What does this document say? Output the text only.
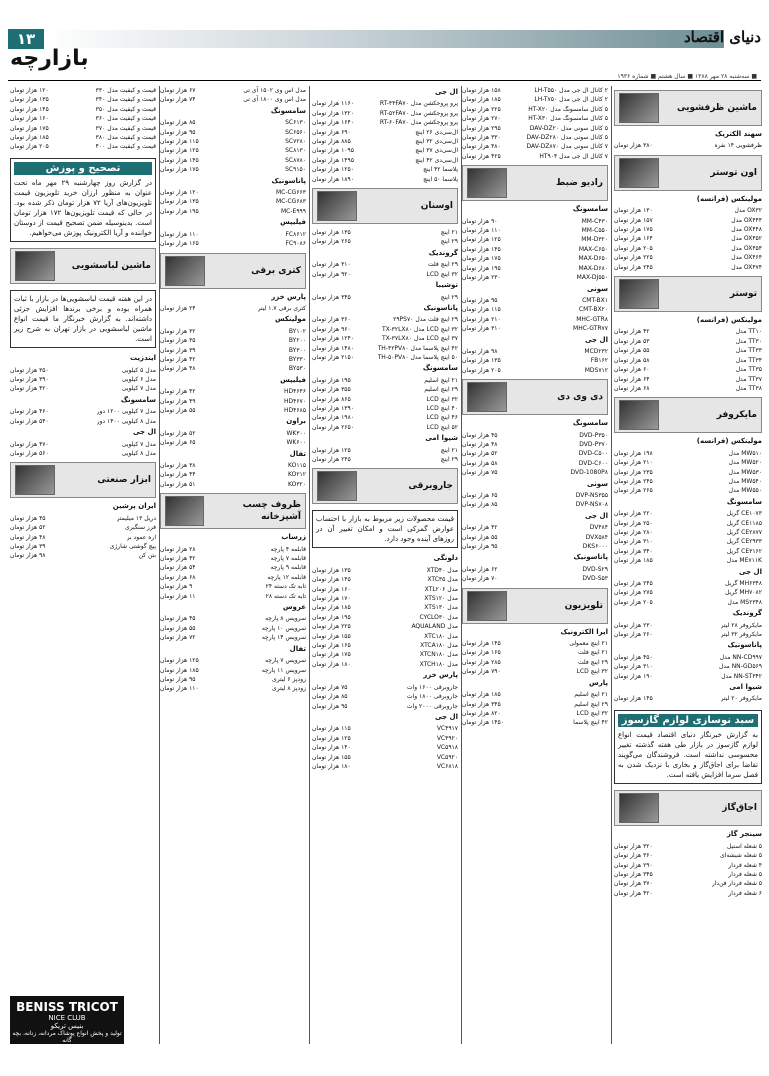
۱۳	دنیای اقتصاد
بازارچه
■ سه‌شنبه ۲۸ مهر ۱۳۸۸ ■ سال هشتم ■ شماره ۱۹۳۶
ماشین ظرفشویی
سهند الکتریک
ظرفشویی ۱۴ نفره
۳۸۰ هزار تومان
اون توستر
مولینکس (فرانسه)
OX۳۲ مدل
۱۳۰ هزار تومان
OX۴۴۴ مدل
۱۵۷ هزار تومان
OX۴۴۸ مدل
۱۷۵ هزار تومان
OX۴۵۲ مدل
۱۶۴ هزار تومان
OX۴۵۴ مدل
۲۰۵ هزار تومان
OX۴۶۴ مدل
۲۲۵ هزار تومان
OX۴۷۴ مدل
۲۴۵ هزار تومان
توستر
مولینکس (فرانسه)
TT۱۰ مدل
۴۲ هزار تومان
TT۳۰ مدل
۵۳ هزار تومان
TT۳۳ مدل
۵۵ هزار تومان
TT۳۴ مدل
۵۸ هزار تومان
TT۳۵ مدل
۶۰ هزار تومان
TT۳۷ مدل
۶۴ هزار تومان
TT۳۸ مدل
۶۸ هزار تومان
مایکروفر
مولینکس (فرانسه)
MW۵۱۰ مدل
۱۹۸ هزار تومان
MW۵۲۰ مدل
۲۱۰ هزار تومان
MW۵۳۰ مدل
۲۳۵ هزار تومان
MW۵۴۰ مدل
۲۴۵ هزار تومان
MW۵۵۰ مدل
۲۶۵ هزار تومان
سامسونگ
CE۱۰۷۳ گریل
۲۲۰ هزار تومان
CE۱۱۸۵ گریل
۲۵۰ هزار تومان
CE۲۸۷۷ گریل
۲۸۰ هزار تومان
CE۲۹۳۳ گریل
۳۱۰ هزار تومان
CE۳۱۶۲ گریل
۳۴۰ هزار تومان
ME۷۱۱K مدل
۱۸۵ هزار تومان
ال جی
MH۶۳۴۸ گریل
۲۴۵ هزار تومان
MH۷۰۸۲ گریل
۲۷۵ هزار تومان
MS۲۳۴۸ مدل
۲۰۵ هزار تومان
گروندیک
مایکروفر ۲۸ لیتر
۲۳۰ هزار تومان
مایکروفر ۳۲ لیتر
۲۶۰ هزار تومان
پاناسونیک
NN-CD۹۹۷ مدل
۴۵۰ هزار تومان
NN-GD۵۶۹ مدل
۳۱۰ هزار تومان
NN-ST۳۴۲ مدل
۱۹۰ هزار تومان
شیوا امی
مایکروفر ۲۰ لیتر
۱۴۵ هزار تومان
سبد نوسازی لوازم گازسوز

به گزارش خبرنگار دنیای اقتصاد قیمت انواع لوازم گازسوز در بازار طی هفته گذشته تغییر محسوسی نداشته است. فروشندگان می‌گویند تقاضا برای اجاق‌گاز و بخاری با نزدیک شدن به فصل سرما افزایش یافته است.

اجاق‌گاز
سینجر گاز
۵ شعله استیل
۳۲۰ هزار تومان
۵ شعله شیشه‌ای
۳۶۰ هزار تومان
۴ شعله فردار
۲۹۰ هزار تومان
۵ شعله فردار
۳۴۵ هزار تومان
۵ شعله فردار فن‌دار
۳۷۰ هزار تومان
۶ شعله فردار
۴۲۰ هزار تومان
۲ کانال ال جی مدل LH-T۵۵۰
۱۵۸ هزار تومان
۲ کانال ال جی مدل LH-T۷۵۰
۱۸۵ هزار تومان
۵ کانال سامسونگ مدل HT-X۲۰
۲۲۵ هزار تومان
۵ کانال سامسونگ مدل HT-X۳۰
۲۷۰ هزار تومان
۵ کانال سونی مدل DAV-DZ۲۰
۲۹۵ هزار تومان
۵ کانال سونی مدل DAV-DZ۲۸۰
۳۳۰ هزار تومان
۷ کانال سونی مدل DAV-DZ۸۷۰
۴۸۰ هزار تومان
۷ کانال ال جی مدل HT۹۰۴
۴۲۵ هزار تومان
رادیو ضبط
سامسونگ
MM-C۴۳۰
۹۰ هزار تومان
MM-C۵۵۰
۱۱۰ هزار تومان
MM-D۳۲۰
۱۲۵ هزار تومان
MAX-C۶۵۰
۱۴۵ هزار تومان
MAX-D۶۵۰
۱۷۵ هزار تومان
MAX-D۶۸۰
۱۹۵ هزار تومان
MAX-DJ۵۵۰
۲۳۰ هزار تومان
سونی
CMT-BX۱
۹۵ هزار تومان
CMT-BX۲۰
۱۱۵ هزار تومان
MHC-GTR۸
۲۱۰ هزار تومان
MHC-GTR۷۷
۳۱۰ هزار تومان
ال جی
MCD۲۳۲
۹۸ هزار تومان
FB۱۶۲
۱۳۵ هزار تومان
MDS۷۱۲
۲۰۵ هزار تومان
دی وی دی
سامسونگ
DVD-P۳۵۰
۴۵ هزار تومان
DVD-P۳۷۰
۴۸ هزار تومان
DVD-C۵۰۰
۵۲ هزار تومان
DVD-C۶۰۰
۵۸ هزار تومان
DVD-1080P۸
۷۵ هزار تومان
سونی
DVP-NS۳۵۵
۶۵ هزار تومان
DVP-NS۷۰۸
۸۵ هزار تومان
ال جی
DV۴۸۴
۴۲ هزار تومان
DVX۵۸۴
۵۵ هزار تومان
DKS۶۰۰۰
۹۵ هزار تومان
پاناسونیک
DVD-S۲۹
۶۲ هزار تومان
DVD-S۵۳
۷۰ هزار تومان
تلویزیون
ایرا الکترونیک
۲۱ اینچ معمولی
۱۴۵ هزار تومان
۲۱ اینچ فلت
۱۶۵ هزار تومان
۲۹ اینچ فلت
۲۸۵ هزار تومان
۳۲ اینچ LCD
۷۹۰ هزار تومان
پارس
۲۱ اینچ اسلیم
۱۸۵ هزار تومان
۲۹ اینچ اسلیم
۳۴۵ هزار تومان
۳۲ اینچ LCD
۸۲۰ هزار تومان
۴۲ اینچ پلاسما
۱۴۵۰ هزار تومان
ال جی
پرو پروجکشن مدل RT-۴۴FA۷۰
۱۱۶۰ هزار تومان
پرو پروجکشن مدل RT-۵۲FA۷۰
۱۳۲۰ هزار تومان
پرو پروجکشن مدل RT-۶۰FA۷۰
۱۶۴۰ هزار تومان
ال‌سی‌دی ۲۶ اینچ
۶۹۰ هزار تومان
ال‌سی‌دی ۳۲ اینچ
۸۸۵ هزار تومان
ال‌سی‌دی ۳۷ اینچ
۱۰۹۵ هزار تومان
ال‌سی‌دی ۴۲ اینچ
۱۴۹۵ هزار تومان
پلاسما ۴۲ اینچ
۱۲۵۰ هزار تومان
پلاسما ۵۰ اینچ
۱۸۹۰ هزار تومان
اوسنان
۲۱ اینچ
۱۳۵ هزار تومان
۲۹ اینچ
۲۶۵ هزار تومان
گروندیک
۲۹ اینچ فلت
۳۱۰ هزار تومان
۳۲ اینچ LCD
۹۲۰ هزار تومان
توشیبا
۲۹ اینچ
۳۴۵ هزار تومان
پاناسونیک
۲۹ اینچ فلت مدل ۲۹PS۷۰
۳۶۰ هزار تومان
۳۲ اینچ LCD مدل TX-۳۲LX۸۰
۹۶۰ هزار تومان
۳۷ اینچ LCD مدل TX-۳۷LX۸۰
۱۲۴۰ هزار تومان
۴۲ اینچ پلاسما مدل TH-۴۲PV۸۰
۱۴۸۰ هزار تومان
۵۰ اینچ پلاسما مدل TH-۵۰PV۸۰
۲۱۵۰ هزار تومان
سامسونگ
۲۱ اینچ اسلیم
۱۹۵ هزار تومان
۲۹ اینچ اسلیم
۳۵۵ هزار تومان
۳۲ اینچ LCD
۸۶۵ هزار تومان
۴۰ اینچ LCD
۱۳۹۰ هزار تومان
۴۶ اینچ LCD
۱۹۸۰ هزار تومان
۵۲ اینچ LCD
۲۶۵۰ هزار تومان
شیوا امی
۲۱ اینچ
۱۲۵ هزار تومان
۲۹ اینچ
۲۴۵ هزار تومان
جاروبرقی

قیمت محصولات زیر مربوط به بازار با احتساب عوارض گمرکی است و امکان تغییر آن در روزهای آینده وجود دارد.

دلونگی
مدل XTD۴۰
۱۳۵ هزار تومان
مدل XTC۳۵
۱۴۵ هزار تومان
مدل XTL۲۰۶
۱۶۰ هزار تومان
مدل XTS۱۲۰
۱۷۰ هزار تومان
مدل XTS۱۳۰
۱۸۵ هزار تومان
مدل CYCLO۳۰
۱۹۵ هزار تومان
مدل AQUALAND
۲۲۵ هزار تومان
مدل XTC۱۸۰
۱۵۵ هزار تومان
مدل XTCA۱۸۰
۱۶۵ هزار تومان
مدل XTCN۱۸۰
۱۷۵ هزار تومان
مدل XTCH۱۸۰
۱۸۰ هزار تومان
پارس خزر
جاروبرقی ۱۶۰۰ وات
۷۵ هزار تومان
جاروبرقی ۱۸۰۰ وات
۸۵ هزار تومان
جاروبرقی ۲۰۰۰ وات
۹۵ هزار تومان
ال جی
VC۴۹۱۷
۱۱۵ هزار تومان
VC۴۹۲۰
۱۲۵ هزار تومان
VC۵۹۱۸
۱۴۰ هزار تومان
VC۵۹۲۰
۱۵۵ هزار تومان
VC۶۸۱۸
۱۸۰ هزار تومان
مدل اس وی ۱۵۰۲ آی تی
۶۷ هزار تومان
مدل اس وی ۱۸۰۰ آی تی
۷۴ هزار تومان
سامسونگ
SC۶۱۳۰
۸۵ هزار تومان
SC۶۵۶۰
۹۵ هزار تومان
SC۷۲۸۰
۱۱۵ هزار تومان
SC۸۱۳۰
۱۲۵ هزار تومان
SC۸۷۸۰
۱۴۵ هزار تومان
SC۹۱۵۰
۱۷۵ هزار تومان
پاناسونیک
MC-CG۶۶۳
۱۲۰ هزار تومان
MC-CG۶۸۳
۱۳۵ هزار تومان
MC-E۹۹۹
۱۹۵ هزار تومان
فیلیپس
FC۸۶۱۲
۱۱۰ هزار تومان
FC۹۰۸۶
۱۶۵ هزار تومان
کتری برقی
پارس خزر
کتری برقی ۱.۷ لیتر
۲۴ هزار تومان
مولینکس
BY۱۰۲
۳۲ هزار تومان
BY۲۰۰
۳۵ هزار تومان
BY۳۰۰
۳۹ هزار تومان
BY۳۳۰
۴۲ هزار تومان
BY۵۳۰
۴۸ هزار تومان
فیلیپس
HD۴۶۴۶
۴۲ هزار تومان
HD۴۶۷۰
۴۹ هزار تومان
HD۴۶۸۵
۵۵ هزار تومان
براون
WK۳۰۰
۵۲ هزار تومان
WK۶۰۰
۶۵ هزار تومان
تفال
KO۱۱۵
۳۸ هزار تومان
KO۲۱۲
۴۴ هزار تومان
KO۳۲۰
۵۱ هزار تومان
ظروف چسب آشپزخانه
زرساب
قابلمه ۴ پارچه
۲۸ هزار تومان
قابلمه ۷ پارچه
۴۲ هزار تومان
قابلمه ۹ پارچه
۵۴ هزار تومان
قابلمه ۱۲ پارچه
۶۸ هزار تومان
تابه تک دسته ۲۴
۹ هزار تومان
تابه تک دسته ۲۸
۱۱ هزار تومان
عروس
سرویس ۸ پارچه
۴۵ هزار تومان
سرویس ۱۰ پارچه
۵۵ هزار تومان
سرویس ۱۴ پارچه
۷۲ هزار تومان
تفال
سرویس ۷ پارچه
۱۲۵ هزار تومان
سرویس ۱۱ پارچه
۱۸۵ هزار تومان
زودپز ۶ لیتری
۹۵ هزار تومان
زودپز ۸ لیتری
۱۱۰ هزار تومان
قیمت و کیفیت مدل ۳۳۰
۱۲۰ هزار تومان
قیمت و کیفیت مدل ۳۴۰
۱۳۵ هزار تومان
قیمت و کیفیت مدل ۳۵۰
۱۴۵ هزار تومان
قیمت و کیفیت مدل ۳۶۰
۱۶۰ هزار تومان
قیمت و کیفیت مدل ۳۷۰
۱۷۵ هزار تومان
قیمت و کیفیت مدل ۳۸۰
۱۸۵ هزار تومان
قیمت و کیفیت مدل ۴۰۰
۲۰۵ هزار تومان
تصحیح و پوزش

در گزارش روز چهارشنبه ۲۹ مهر ماه تحت عنوان به منظور ارزان خرید تلویزیون قیمت تلویزیون‌های آریا ۷۲ هزار تومان ذکر شده بود. در حالی که قیمت تلویزیون‌ها ۱۷۲ هزار تومان است. بدینوسیله ضمن تصحیح قیمت از دوستان خواننده و آریا الکترونیک پوزش می‌خواهیم.

ماشین لباسشویی

در این هفته قیمت لباسشویی‌ها در بازار با ثبات همراه بوده و برخی برندها افزایش جزئی داشته‌اند. به گزارش خبرنگار ما قیمت انواع ماشین لباسشویی در بازار تهران به شرح زیر است.

ایندزیت
مدل ۵ کیلویی
۳۵۰ هزار تومان
مدل ۶ کیلویی
۳۹۰ هزار تومان
مدل ۷ کیلویی
۴۲۰ هزار تومان
سامسونگ
مدل ۷ کیلویی ۱۲۰۰ دور
۴۶۰ هزار تومان
مدل ۸ کیلویی ۱۴۰۰ دور
۵۴۰ هزار تومان
ال جی
مدل ۷ کیلویی
۴۷۰ هزار تومان
مدل ۸ کیلویی
۵۶۰ هزار تومان
ابزار صنعتی
ایران پرشین
دریل ۱۳ میلیمتر
۴۵ هزار تومان
فرز سنگبری
۵۲ هزار تومان
اره عمود بر
۴۸ هزار تومان
پیچ گوشتی شارژی
۳۹ هزار تومان
بتن کن
۹۸ هزار تومان
BENISS TRICOT
NICE CLUB
بنیس تریکو
تولید و پخش انواع پوشاک مردانه، زنانه، بچه گانه
